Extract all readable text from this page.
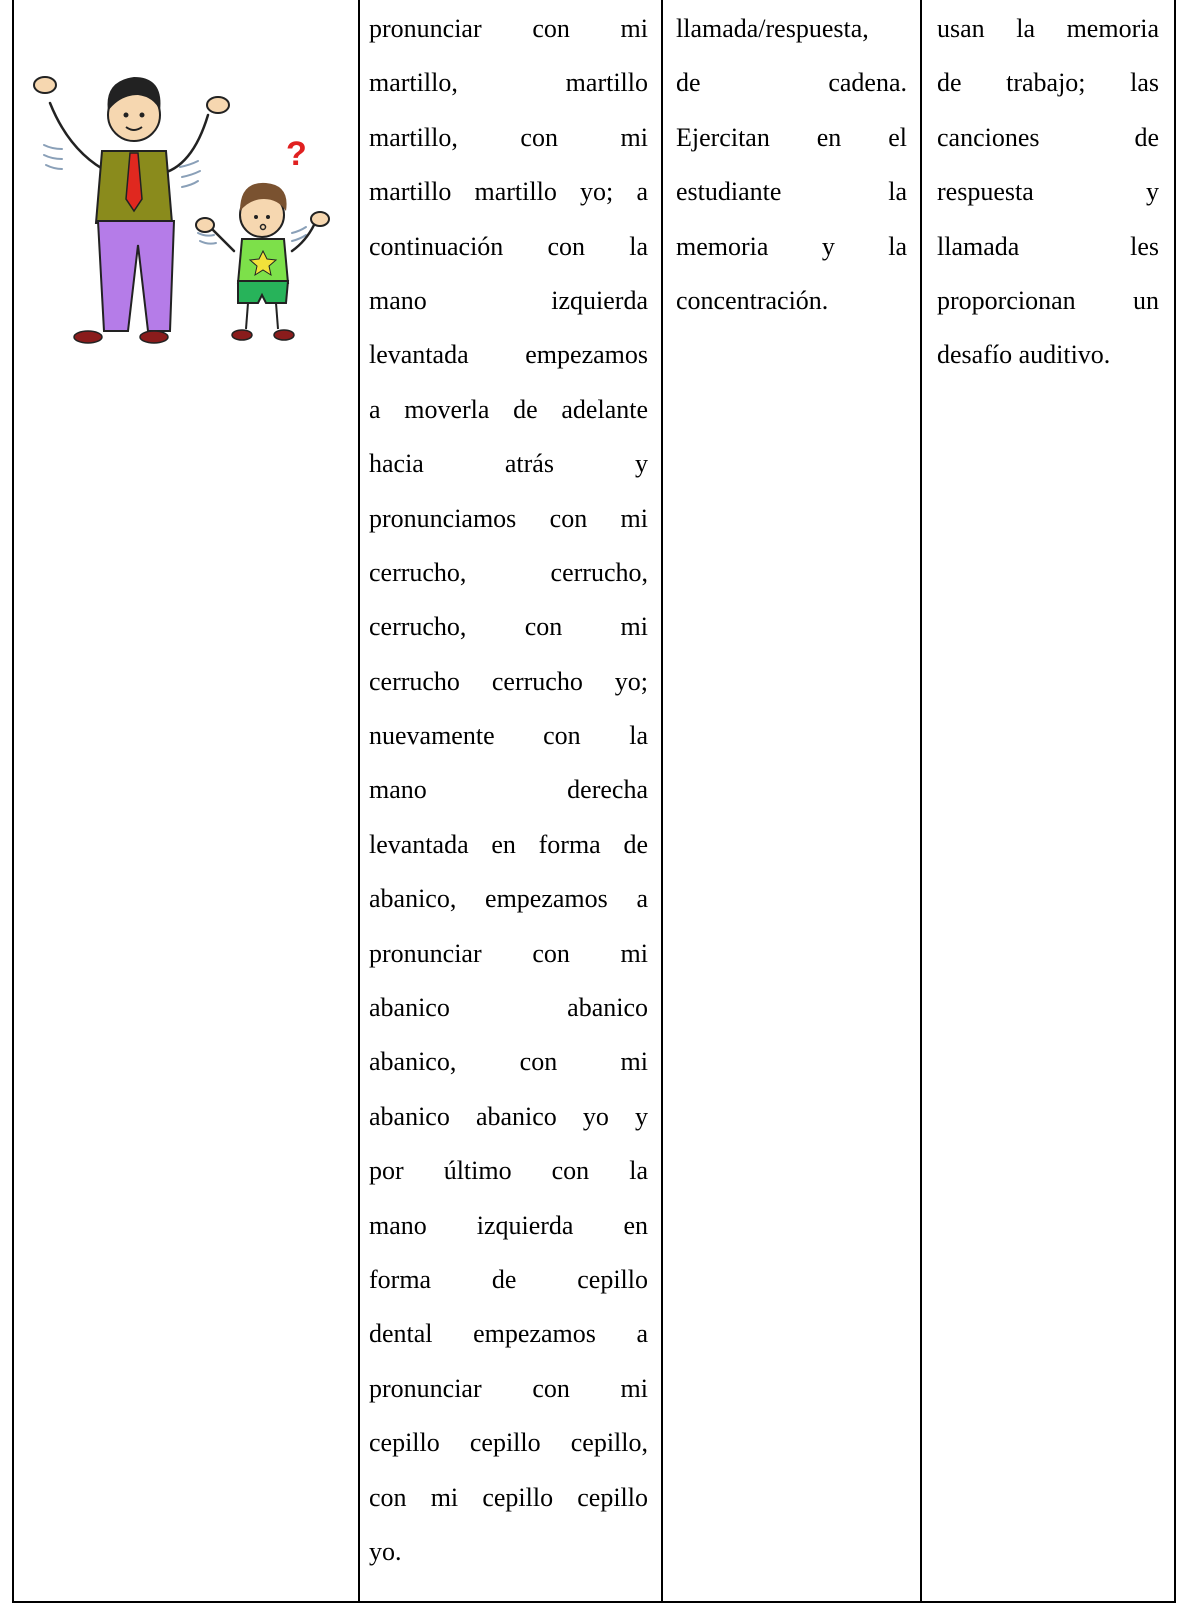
?
pronunciar con mi
martillo, martillo
martillo, con mi
martillo martillo yo; a
continuación con la
mano izquierda
levantada empezamos
a moverla de adelante
hacia atrás y
pronunciamos con mi
cerrucho, cerrucho,
cerrucho, con mi
cerrucho cerrucho yo;
nuevamente con la
mano derecha
levantada en forma de
abanico, empezamos a
pronunciar con mi
abanico abanico
abanico, con mi
abanico abanico yo y
por último con la
mano izquierda en
forma de cepillo
dental empezamos a
pronunciar con mi
cepillo cepillo cepillo,
con mi cepillo cepillo
yo.
llamada/respuesta,
de cadena.
Ejercitan en el
estudiante la
memoria y la
concentración.
usan la memoria
de trabajo; las
canciones de
respuesta y
llamada les
proporcionan un
desafío auditivo.
